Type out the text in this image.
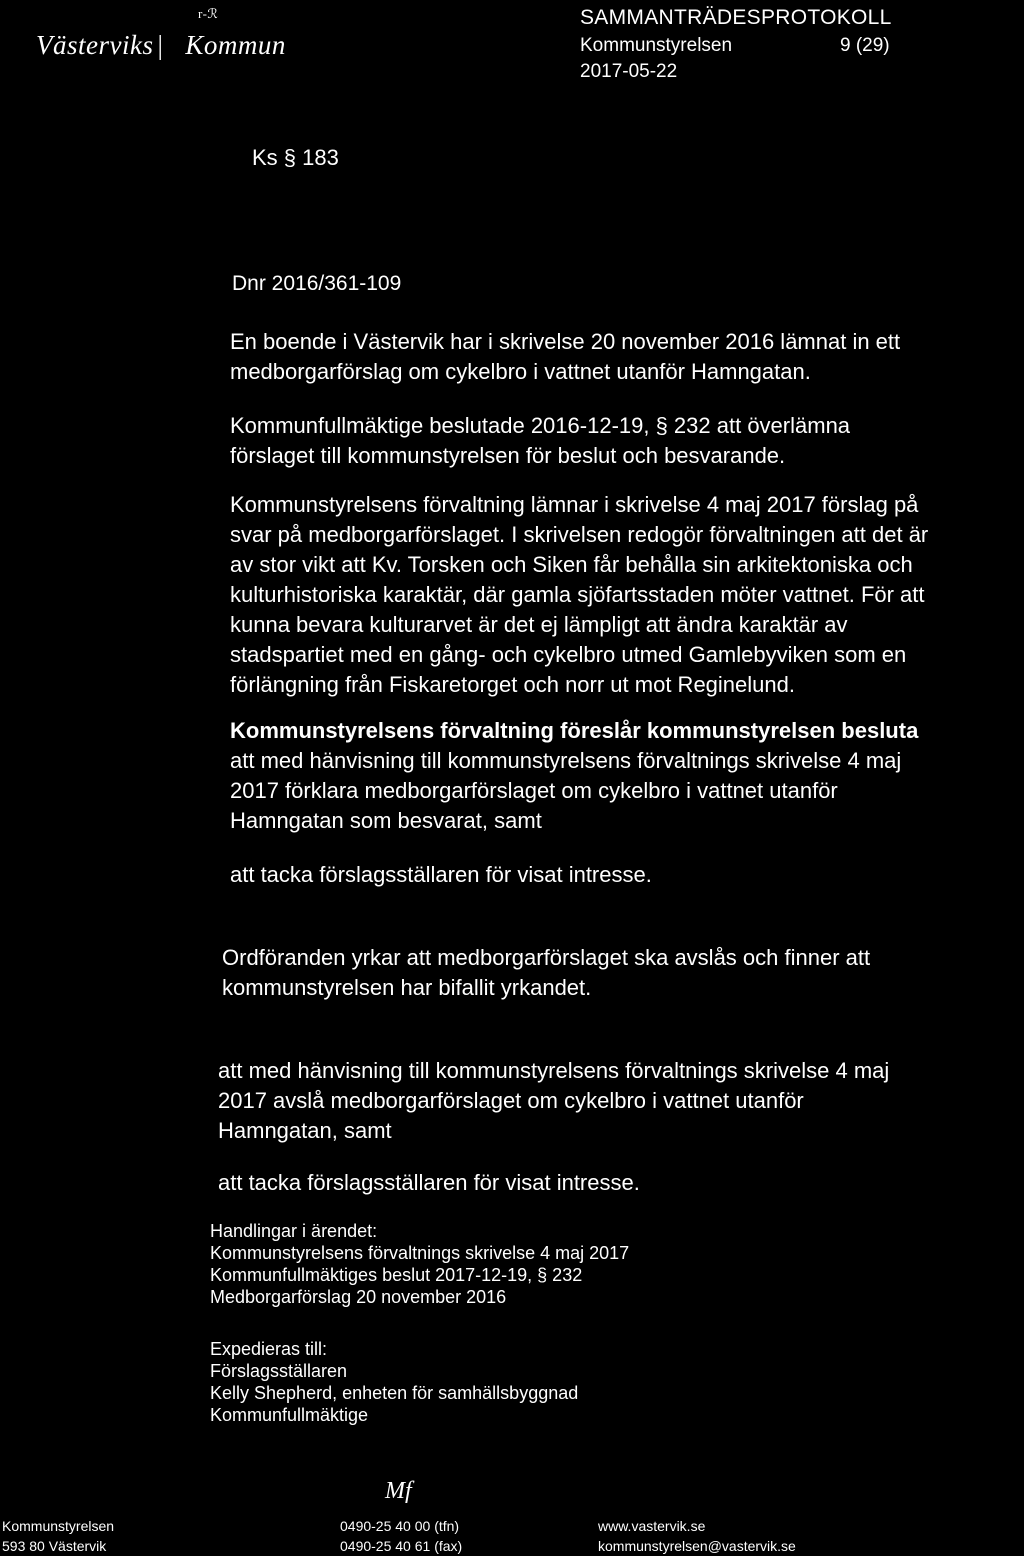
Västerviks | Kommun
r-ℛ	SAMMANTRÄDESPROTOKOLL
Kommunstyrelsen	9 (29)
2017-05-22
Ks § 183
Dnr 2016/361-109
En boende i Västervik har i skrivelse 20 november 2016 lämnat in ett
medborgarförslag om cykelbro i vattnet utanför Hamngatan.
Kommunfullmäktige beslutade 2016-12-19, § 232 att överlämna
förslaget till kommunstyrelsen för beslut och besvarande.
Kommunstyrelsens förvaltning lämnar i skrivelse 4 maj 2017 förslag på
svar på medborgarförslaget. I skrivelsen redogör förvaltningen att det är
av stor vikt att Kv. Torsken och Siken får behålla sin arkitektoniska och
kulturhistoriska karaktär, där gamla sjöfartsstaden möter vattnet. För att
kunna bevara kulturarvet är det ej lämpligt att ändra karaktär av
stadspartiet med en gång- och cykelbro utmed Gamlebyviken som en
förlängning från Fiskaretorget och norr ut mot Reginelund.
Kommunstyrelsens förvaltning föreslår kommunstyrelsen besluta
att med hänvisning till kommunstyrelsens förvaltnings skrivelse 4 maj
2017 förklara medborgarförslaget om cykelbro i vattnet utanför
Hamngatan som besvarat, samt
att tacka förslagsställaren för visat intresse.
Ordföranden yrkar att medborgarförslaget ska avslås och finner att
kommunstyrelsen har bifallit yrkandet.
att med hänvisning till kommunstyrelsens förvaltnings skrivelse 4 maj
2017 avslå medborgarförslaget om cykelbro i vattnet utanför
Hamngatan, samt
att tacka förslagsställaren för visat intresse.
Handlingar i ärendet:
Kommunstyrelsens förvaltnings skrivelse 4 maj 2017
Kommunfullmäktiges beslut 2017-12-19, § 232
Medborgarförslag 20 november 2016
Expedieras till:
Förslagsställaren
Kelly Shepherd, enheten för samhällsbyggnad
Kommunfullmäktige
Mf
Kommunstyrelsen
593 80 Västervik
0490-25 40 00 (tfn)
0490-25 40 61 (fax)
www.vastervik.se
kommunstyrelsen@vastervik.se
